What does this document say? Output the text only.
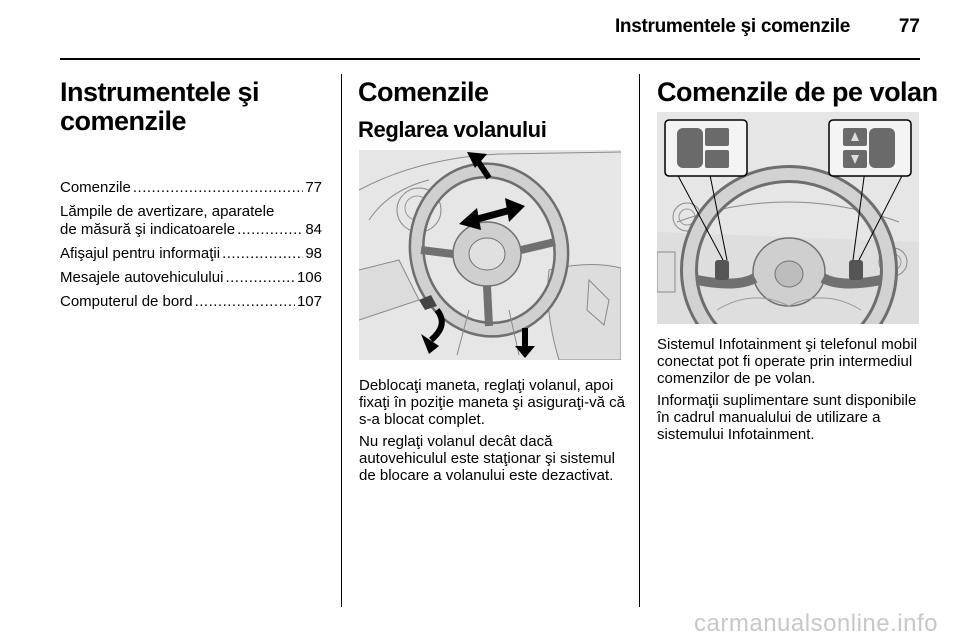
Instrumentele şi comenzile	77
Instrumentele şi comenzile
Comenzile .....	77
Lămpile de avertizare, aparatele
de măsură şi indicatoarele .....	84
Afişajul pentru informaţii .....	98
Mesajele autovehiculului .....	106
Computerul de bord .....	107
Comenzile
Reglarea volanului

Deblocaţi maneta, reglaţi volanul, apoi fixaţi în poziţie maneta şi asiguraţi-vă că s-a blocat complet.

Nu reglaţi volanul decât dacă autovehiculul este staţionar şi sistemul de blocare a volanului este dezactivat.

Comenzile de pe volan

Sistemul Infotainment şi telefonul mobil conectat pot fi operate prin intermediul comenzilor de pe volan.

Informaţii suplimentare sunt disponibile în cadrul manualului de utilizare a sistemului Infotainment.

carmanualsonline.info
